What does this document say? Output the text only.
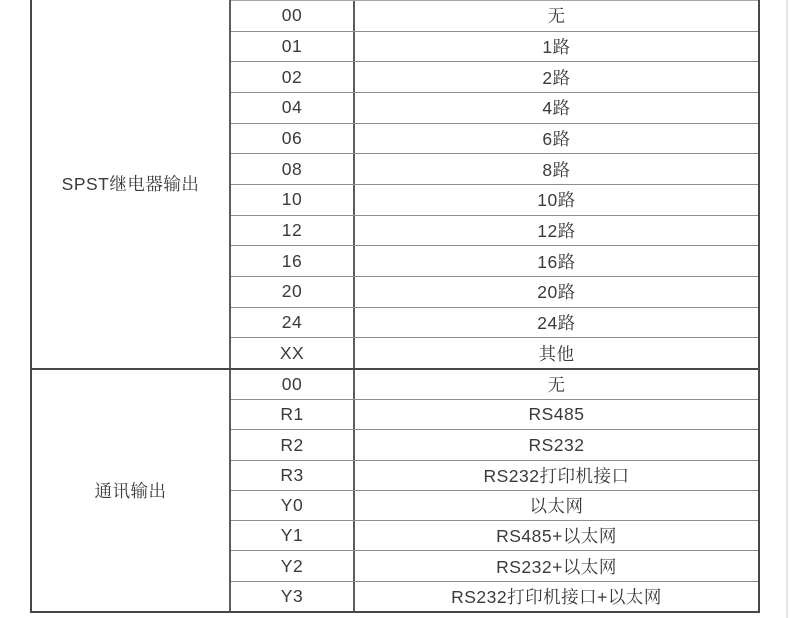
SPST继电器输出
00	无
01	1路
02	2路
04	4路
06	6路
08	8路
10	10路
12	12路
16	16路
20	20路
24	24路
XX	其他
通讯输出
00	无
R1	RS485
R2	RS232
R3	RS232打印机接口
Y0	以太网
Y1	RS485+以太网
Y2	RS232+以太网
Y3	RS232打印机接口+以太网
